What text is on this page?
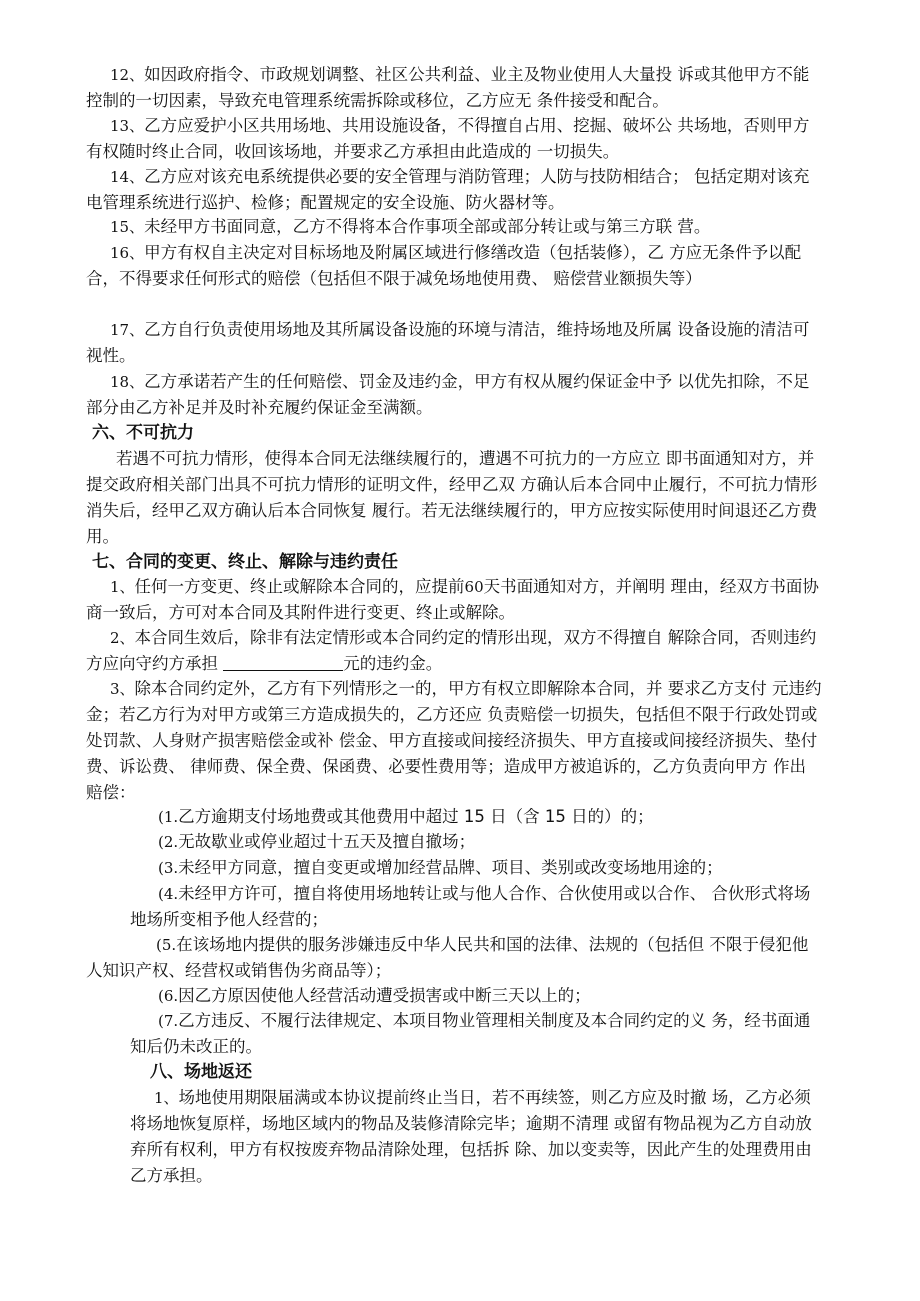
12、如因政府指令、市政规划调整、社区公共利益、业主及物业使用人大量投 诉或其他甲方不能控制的一切因素，导致充电管理系统需拆除或移位，乙方应无 条件接受和配合。

13、乙方应爱护小区共用场地、共用设施设备，不得擅自占用、挖掘、破坏公 共场地，否则甲方有权随时终止合同，收回该场地，并要求乙方承担由此造成的 一切损失。

14、乙方应对该充电系统提供必要的安全管理与消防管理；人防与技防相结合； 包括定期对该充电管理系统进行巡护、检修；配置规定的安全设施、防火器材等。

15、未经甲方书面同意，乙方不得将本合作事项全部或部分转让或与第三方联 营。

16、甲方有权自主决定对目标场地及附属区域进行修缮改造（包括装修），乙 方应无条件予以配合，不得要求任何形式的赔偿（包括但不限于减免场地使用费、 赔偿营业额损失等）

17、乙方自行负责使用场地及其所属设备设施的环境与清洁，维持场地及所属 设备设施的清洁可视性。

18、乙方承诺若产生的任何赔偿、罚金及违约金，甲方有权从履约保证金中予 以优先扣除，不足部分由乙方补足并及时补充履约保证金至满额。

六、不可抗力

若遇不可抗力情形，使得本合同无法继续履行的，遭遇不可抗力的一方应立 即书面通知对方，并提交政府相关部门出具不可抗力情形的证明文件，经甲乙双 方确认后本合同中止履行，不可抗力情形消失后，经甲乙双方确认后本合同恢复 履行。若无法继续履行的，甲方应按实际使用时间退还乙方费用。

七、合同的变更、终止、解除与违约责任

1、任何一方变更、终止或解除本合同的，应提前60天书面通知对方，并阐明 理由，经双方书面协商一致后，方可对本合同及其附件进行变更、终止或解除。

2、本合同生效后，除非有法定情形或本合同约定的情形出现，双方不得擅自 解除合同，否则违约方应向守约方承担	元的违约金。

3、除本合同约定外，乙方有下列情形之一的，甲方有权立即解除本合同，并 要求乙方支付 元违约金；若乙方行为对甲方或第三方造成损失的，乙方还应 负责赔偿一切损失，包括但不限于行政处罚或处罚款、人身财产损害赔偿金或补 偿金、甲方直接或间接经济损失、甲方直接或间接经济损失、垫付费、诉讼费、 律师费、保全费、保函费、必要性费用等；造成甲方被追诉的，乙方负责向甲方 作出赔偿：

(1.乙方逾期支付场地费或其他费用中超过 15 日（含 15 日的）的；

(2.无故歇业或停业超过十五天及擅自撤场；

(3.未经甲方同意，擅自变更或增加经营品牌、项目、类别或改变场地用途的；

(4.未经甲方许可，擅自将使用场地转让或与他人合作、合伙使用或以合作、 合伙形式将场地场所变相予他人经营的；

(5.在该场地内提供的服务涉嫌违反中华人民共和国的法律、法规的（包括但 不限于侵犯他人知识产权、经营权或销售伪劣商品等）；

(6.因乙方原因使他人经营活动遭受损害或中断三天以上的；

(7.乙方违反、不履行法律规定、本项目物业管理相关制度及本合同约定的义 务，经书面通知后仍未改正的。

八、场地返还

1、场地使用期限届满或本协议提前终止当日，若不再续签，则乙方应及时撤 场，乙方必须将场地恢复原样，场地区域内的物品及装修清除完毕；逾期不清理 或留有物品视为乙方自动放弃所有权利，甲方有权按废弃物品清除处理，包括拆 除、加以变卖等，因此产生的处理费用由乙方承担。
